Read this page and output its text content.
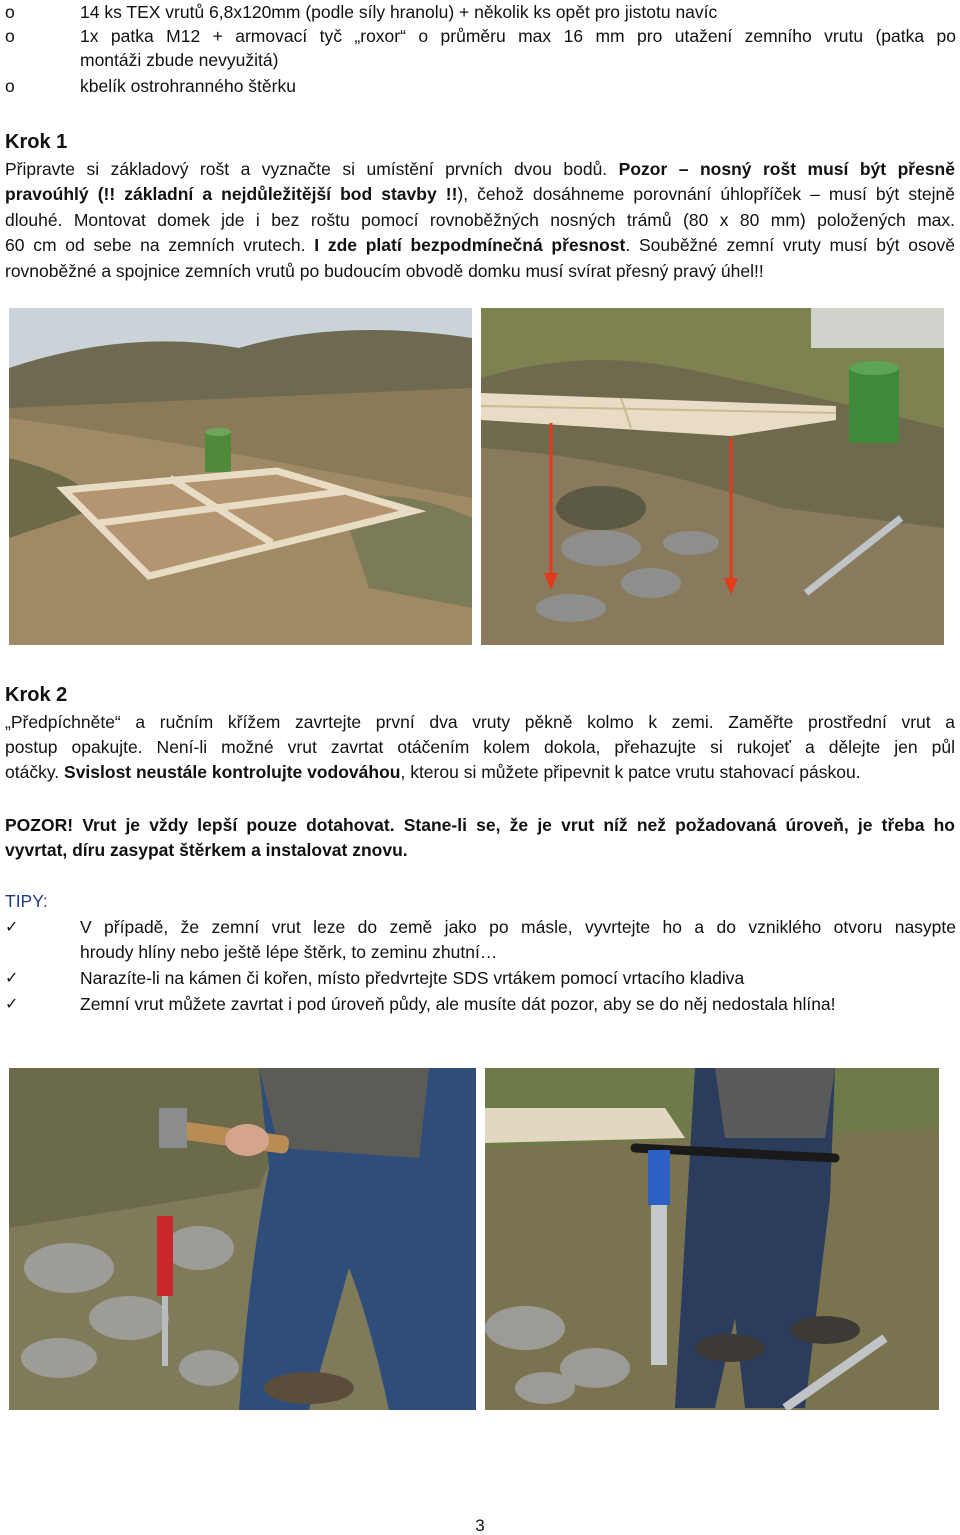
o	14 ks TEX vrutů 6,8x120mm (podle síly hranolu) + několik ks opět pro jistotu navíc
o	1x patka M12 + armovací tyč „roxor“ o průměru max 16 mm pro utažení zemního vrutu (patka po
montáži zbude nevyužitá)
o	kbelík ostrohranného štěrku
Krok 1
Připravte si základový rošt a vyznačte si umístění prvních dvou bodů. Pozor – nosný rošt musí být přesně
pravoúhlý (!! základní a nejdůležitější bod stavby !!), čehož dosáhneme porovnání úhlopříček – musí být stejně
dlouhé. Montovat domek jde i bez roštu pomocí rovnoběžných nosných trámů (80 x 80 mm) položených max.
60 cm od sebe na zemních vrutech. I zde platí bezpodmínečná přesnost. Souběžné zemní vruty musí být osově
rovnoběžné a spojnice zemních vrutů po budoucím obvodě domku musí svírat přesný pravý úhel!!
Krok 2
„Předpíchněte“ a ručním křížem zavrtejte první dva vruty pěkně kolmo k zemi. Zaměřte prostřední vrut a
postup opakujte. Není-li možné vrut zavrtat otáčením kolem dokola, přehazujte si rukojeť a dělejte jen půl
otáčky. Svislost neustále kontrolujte vodováhou, kterou si můžete připevnit k patce vrutu stahovací páskou.
POZOR! Vrut je vždy lepší pouze dotahovat. Stane-li se, že je vrut níž než požadovaná úroveň, je třeba ho
vyvrtat, díru zasypat štěrkem a instalovat znovu.
TIPY:
✓	V případě, že zemní vrut leze do země jako po másle, vyvrtejte ho a do vzniklého otvoru nasypte
hroudy hlíny nebo ještě lépe štěrk, to zeminu zhutní…
✓	Narazíte-li na kámen či kořen, místo předvrtejte SDS vrtákem pomocí vrtacího kladiva
✓	Zemní vrut můžete zavrtat i pod úroveň půdy, ale musíte dát pozor, aby se do něj nedostala hlína!
3
